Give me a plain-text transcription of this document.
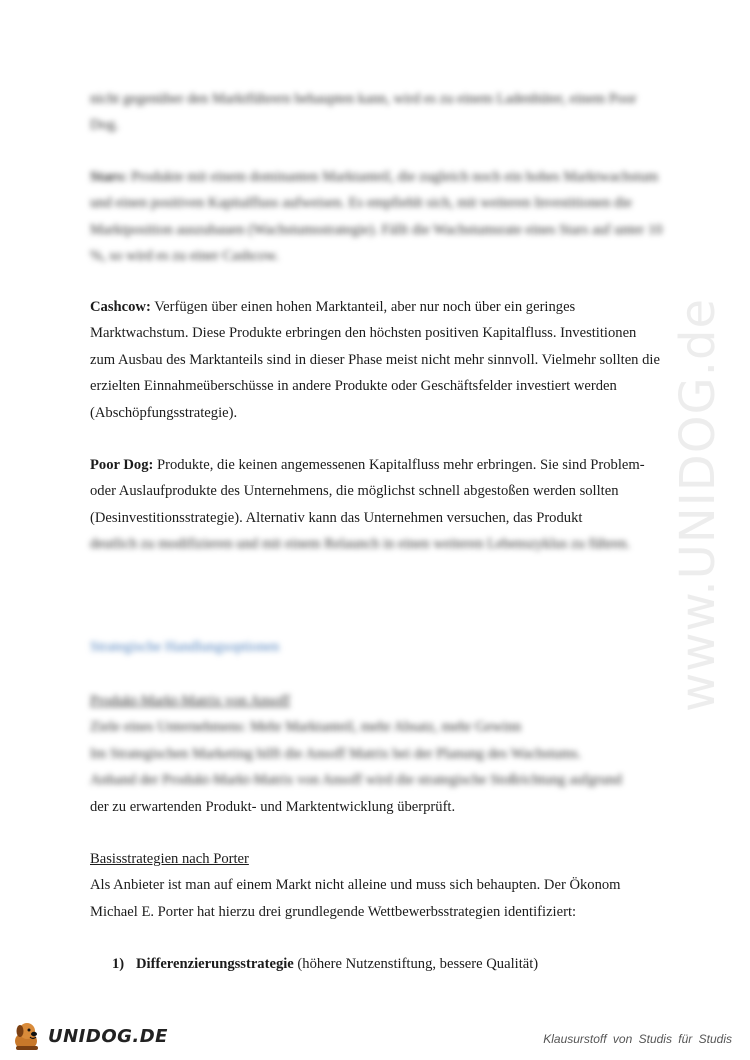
nicht gegenüber den Marktführern behaupten kann, wird es zu einem Ladenhüter, einem Poor
Dog.

Stars: Produkte mit einem dominanten Marktanteil, die zugleich noch ein hohes Marktwachstum und einen positiven Kapitalfluss aufweisen. Es empfiehlt sich, mit weiteren Investitionen die Marktposition auszubauen (Wachstumsstrategie). Fällt die Wachstumsrate eines Stars auf unter 10 %, so wird es zu einer Cashcow.

Cashcow: Verfügen über einen hohen Marktanteil, aber nur noch über ein geringes Marktwachstum. Diese Produkte erbringen den höchsten positiven Kapitalfluss. Investitionen zum Ausbau des Marktanteils sind in dieser Phase meist nicht mehr sinnvoll. Vielmehr sollten die erzielten Einnahmeüberschüsse in andere Produkte oder Geschäftsfelder investiert werden (Abschöpfungsstrategie).

Poor Dog: Produkte, die keinen angemessenen Kapitalfluss mehr erbringen. Sie sind Problem- oder Auslaufprodukte des Unternehmens, die möglichst schnell abgestoßen werden sollten (Desinvestitionsstrategie). Alternativ kann das Unternehmen versuchen, das Produkt

deutlich zu modifizieren und mit einem Relaunch in einen weiteren Lebenszyklus zu führen.
Strategische Handlungsoptionen
Produkt-Markt-Matrix von Ansoff
Ziele eines Unternehmens: Mehr Marktanteil, mehr Absatz, mehr Gewinn
Im Strategischen Marketing hilft die Ansoff Matrix bei der Planung des Wachstums.
Anhand der Produkt-Markt-Matrix von Ansoff wird die strategische Stoßrichtung aufgrund
der zu erwartenden Produkt- und Marktentwicklung überprüft.
Basisstrategien nach Porter
Als Anbieter ist man auf einem Markt nicht alleine und muss sich behaupten. Der Ökonom Michael E. Porter hat hierzu drei grundlegende Wettbewerbsstrategien identifiziert:
1) Differenzierungsstrategie (höhere Nutzenstiftung, bessere Qualität)
www.UNIDOG.de
UNIDOG.DE	Klausurstoff von Studis für Studis
